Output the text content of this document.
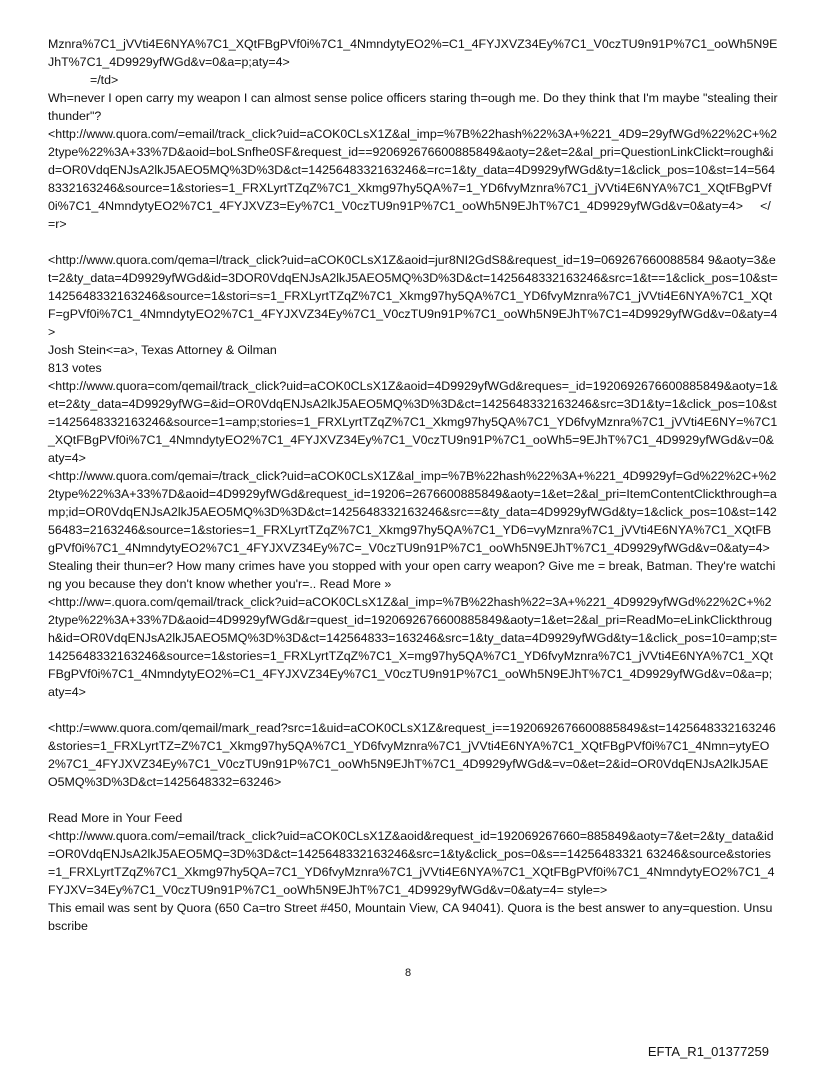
Mznra%7C1_jVVti4E6NYA%7C1_XQtFBgPVf0i%7C1_4NmndytyEO2%=C1_4FYJXVZ34Ey%7C1_V0czTU9n91P%7C1_ooWh5N9EJhT%7C1_4D9929yfWGd&v=0&a=p;aty=4>

=/td>

Wh=never I open carry my weapon I can almost sense police officers staring th=ough me. Do they think that I'm maybe "stealing their thunder"?

<http://www.quora.com/=email/track_click?uid=aCOK0CLsX1Z&al_imp=%7B%22hash%22%3A+%221_4D9=29yfWGd%22%2C+%22type%22%3A+33%7D&aoid=boLSnfhe0SF&request_id==920692676600885849&aoty=2&et=2&al_pri=QuestionLinkClickt=rough&id=OR0VdqENJsA2lkJ5AEO5MQ%3D%3D&ct=1425648332163246&=rc=1&ty_data=4D9929yfWGd&ty=1&click_pos=10&st=14=5648332163246&source=1&stories=1_FRXLyrtTZqZ%7C1_Xkmg97hy5QA%7=1_YD6fvyMznra%7C1_jVVti4E6NYA%7C1_XQtFBgPVf0i%7C1_4NmndytyEO2%7C1_4FYJXVZ3=Ey%7C1_V0czTU9n91P%7C1_ooWh5N9EJhT%7C1_4D9929yfWGd&v=0&aty=4>     </=r>

<http://www.quora.com/qema=l/track_click?uid=aCOK0CLsX1Z&aoid=jur8NI2GdS8&request_id=19=069267660088584 9&aoty=3&et=2&ty_data=4D9929yfWGd&id=3DOR0VdqENJsA2lkJ5AEO5MQ%3D%3D&ct=1425648332163246&src=1&t==1&click_pos=10&st=1425648332163246&source=1&stori=s=1_FRXLyrtTZqZ%7C1_Xkmg97hy5QA%7C1_YD6fvyMznra%7C1_jVVti4E6NYA%7C1_XQtF=gPVf0i%7C1_4NmndytyEO2%7C1_4FYJXVZ34Ey%7C1_V0czTU9n91P%7C1_ooWh5N9EJhT%7C1=4D9929yfWGd&v=0&aty=4>

Josh Stein<=a>, Texas Attorney & Oilman

813 votes

<http://www.quora=com/qemail/track_click?uid=aCOK0CLsX1Z&aoid=4D9929yfWGd&reques=_id=1920692676600885849&aoty=1&et=2&ty_data=4D9929yfWG=&id=OR0VdqENJsA2lkJ5AEO5MQ%3D%3D&ct=1425648332163246&src=3D1&ty=1&click_pos=10&st=1425648332163246&source=1=amp;stories=1_FRXLyrtTZqZ%7C1_Xkmg97hy5QA%7C1_YD6fvyMznra%7C1_jVVti4E6NY=%7C1_XQtFBgPVf0i%7C1_4NmndytyEO2%7C1_4FYJXVZ34Ey%7C1_V0czTU9n91P%7C1_ooWh5=9EJhT%7C1_4D9929yfWGd&v=0&aty=4>

<http://www.quora.com/qemai=/track_click?uid=aCOK0CLsX1Z&al_imp=%7B%22hash%22%3A+%221_4D9929yf=Gd%22%2C+%22type%22%3A+33%7D&aoid=4D9929yfWGd&request_id=19206=2676600885849&aoty=1&et=2&al_pri=ItemContentClickthrough=amp;id=OR0VdqENJsA2lkJ5AEO5MQ%3D%3D&ct=1425648332163246&src==&ty_data=4D9929yfWGd&ty=1&click_pos=10&st=14256483=2163246&source=1&stories=1_FRXLyrtTZqZ%7C1_Xkmg97hy5QA%7C1_YD6=vyMznra%7C1_jVVti4E6NYA%7C1_XQtFBgPVf0i%7C1_4NmndytyEO2%7C1_4FYJXVZ34Ey%7C=_V0czTU9n91P%7C1_ooWh5N9EJhT%7C1_4D9929yfWGd&v=0&aty=4>

Stealing their thun=er? How many crimes have you stopped with your open carry weapon? Give me = break, Batman. They're watching you because they don't know whether you'r=.. Read More »

<http://ww=.quora.com/qemail/track_click?uid=aCOK0CLsX1Z&al_imp=%7B%22hash%22=3A+%221_4D9929yfWGd%22%2C+%22type%22%3A+33%7D&aoid=4D9929yfWGd&r=quest_id=1920692676600885849&aoty=1&et=2&al_pri=ReadMo=eLinkClickthrough&id=OR0VdqENJsA2lkJ5AEO5MQ%3D%3D&ct=142564833=163246&src=1&ty_data=4D9929yfWGd&ty=1&click_pos=10=amp;st=1425648332163246&source=1&stories=1_FRXLyrtTZqZ%7C1_X=mg97hy5QA%7C1_YD6fvyMznra%7C1_jVVti4E6NYA%7C1_XQtFBgPVf0i%7C1_4NmndytyEO2%=C1_4FYJXVZ34Ey%7C1_V0czTU9n91P%7C1_ooWh5N9EJhT%7C1_4D9929yfWGd&v=0&a=p;aty=4>

<http:/=www.quora.com/qemail/mark_read?src=1&uid=aCOK0CLsX1Z&request_i==1920692676600885849&st=1425648332163246&stories=1_FRXLyrtTZ=Z%7C1_Xkmg97hy5QA%7C1_YD6fvyMznra%7C1_jVVti4E6NYA%7C1_XQtFBgPVf0i%7C1_4Nmn=ytyEO2%7C1_4FYJXVZ34Ey%7C1_V0czTU9n91P%7C1_ooWh5N9EJhT%7C1_4D9929yfWGd&=v=0&et=2&id=OR0VdqENJsA2lkJ5AEO5MQ%3D%3D&ct=1425648332=63246>

Read More in Your Feed

<http://www.quora.com/=email/track_click?uid=aCOK0CLsX1Z&aoid&request_id=192069267660=885849&aoty=7&et=2&ty_data&id=OR0VdqENJsA2lkJ5AEO5MQ=3D%3D&ct=1425648332163246&src=1&ty&click_pos=0&s==14256483321 63246&source&stories=1_FRXLyrtTZqZ%7C1_Xkmg97hy5QA=7C1_YD6fvyMznra%7C1_jVVti4E6NYA%7C1_XQtFBgPVf0i%7C1_4NmndytyEO2%7C1_4FYJXV=34Ey%7C1_V0czTU9n91P%7C1_ooWh5N9EJhT%7C1_4D9929yfWGd&v=0&aty=4= style=>

This email was sent by Quora (650 Ca=tro Street #450, Mountain View, CA 94041). Quora is the best answer to any=question. Unsubscribe

8
EFTA_R1_01377259
